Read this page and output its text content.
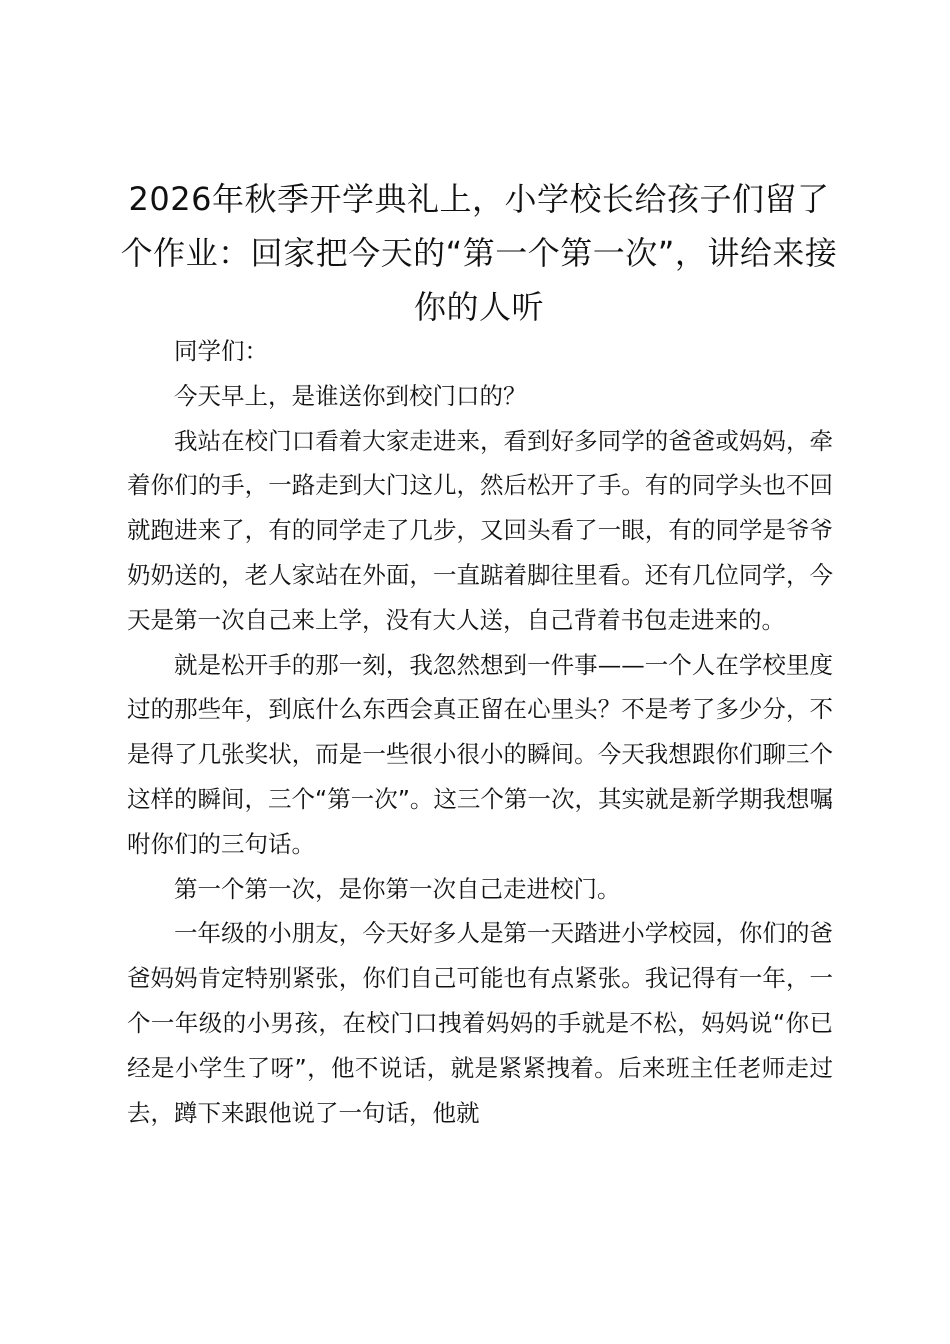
2026年秋季开学典礼上，小学校长给孩子们留了个作业：回家把今天的“第一个第一次”，讲给来接你的人听

同学们：

今天早上，是谁送你到校门口的？

我站在校门口看着大家走进来，看到好多同学的爸爸或妈妈，牵着你们的手，一路走到大门这儿，然后松开了手。有的同学头也不回就跑进来了，有的同学走了几步，又回头看了一眼，有的同学是爷爷奶奶送的，老人家站在外面，一直踮着脚往里看。还有几位同学，今天是第一次自己来上学，没有大人送，自己背着书包走进来的。

就是松开手的那一刻，我忽然想到一件事——一个人在学校里度过的那些年，到底什么东西会真正留在心里头？不是考了多少分，不是得了几张奖状，而是一些很小很小的瞬间。今天我想跟你们聊三个这样的瞬间，三个“第一次”。这三个第一次，其实就是新学期我想嘱咐你们的三句话。

第一个第一次，是你第一次自己走进校门。

一年级的小朋友，今天好多人是第一天踏进小学校园，你们的爸爸妈妈肯定特别紧张，你们自己可能也有点紧张。我记得有一年，一个一年级的小男孩，在校门口拽着妈妈的手就是不松，妈妈说“你已经是小学生了呀”，他不说话，就是紧紧拽着。后来班主任老师走过去，蹲下来跟他说了一句话，他就
